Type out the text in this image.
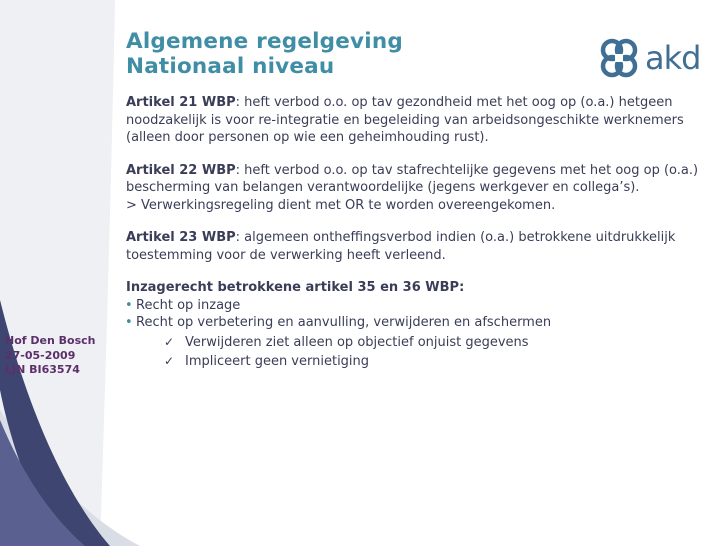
Algemene regelgeving
Nationaal niveau	akd

Artikel 21 WBP: heft verbod o.o. op tav gezondheid met het oog op (o.a.) hetgeen noodzakelijk is voor re-integratie en begeleiding van arbeidsongeschikte werknemers (alleen door personen op wie een geheimhouding rust).

Artikel 22 WBP: heft verbod o.o. op tav stafrechtelijke gegevens met het oog op (o.a.) bescherming van belangen verantwoordelijke (jegens werkgever en collega’s).
> Verwerkingsregeling dient met OR te worden overeengekomen.

Artikel 23 WBP: algemeen ontheffingsverbod indien (o.a.) betrokkene uitdrukkelijk toestemming voor de verwerking heeft verleend.

Inzagerecht betrokkene artikel 35 en 36 WBP:

• Recht op inzage

• Recht op verbetering en aanvulling, verwijderen en afschermen

✓ Verwijderen ziet alleen op objectief onjuist gegevens

✓ Impliceert geen vernietiging

Hof Den Bosch
27-05-2009
LJN BI63574
